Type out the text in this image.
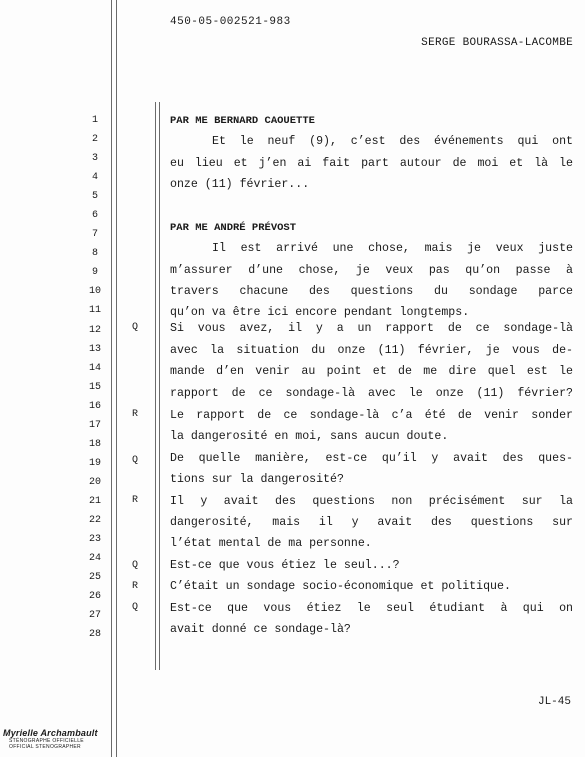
450-05-002521-983
SERGE BOURASSA-LACOMBE
1
2
3
4
5
6
7
8
9
10
11
12
13
14
15
16
17
18
19
20
21
22
23
24
25
26
27
28
Q
R
Q
R
Q
R
Q
PAR ME BERNARD CAOUETTE
Et le neuf (9), c’est des événements qui ont
eu lieu et j’en ai fait part autour de moi et là le
onze (11) février...
PAR ME ANDRÉ PRÉVOST
Il est arrivé une chose, mais je veux juste
m’assurer d’une chose, je veux pas qu’on passe à
travers chacune des questions du sondage parce
qu’on va être ici encore pendant longtemps.
Si vous avez, il y a un rapport de ce sondage-là
avec la situation du onze (11) février, je vous de-
mande d’en venir au point et de me dire quel est le
rapport de ce sondage-là avec le onze (11) février?
Le rapport de ce sondage-là c’a été de venir sonder
la dangerosité en moi, sans aucun doute.
De quelle manière, est-ce qu’il y avait des ques-
tions sur la dangerosité?
Il y avait des questions non précisément sur la
dangerosité, mais il y avait des questions sur
l’état mental de ma personne.
Est-ce que vous étiez le seul...?
C’était un sondage socio-économique et politique.
Est-ce que vous étiez le seul étudiant à qui on
avait donné ce sondage-là?
JL-45
Myrielle Archambault
STÉNOGRAPHE OFFICIELLE
OFFICIAL STENOGRAPHER
